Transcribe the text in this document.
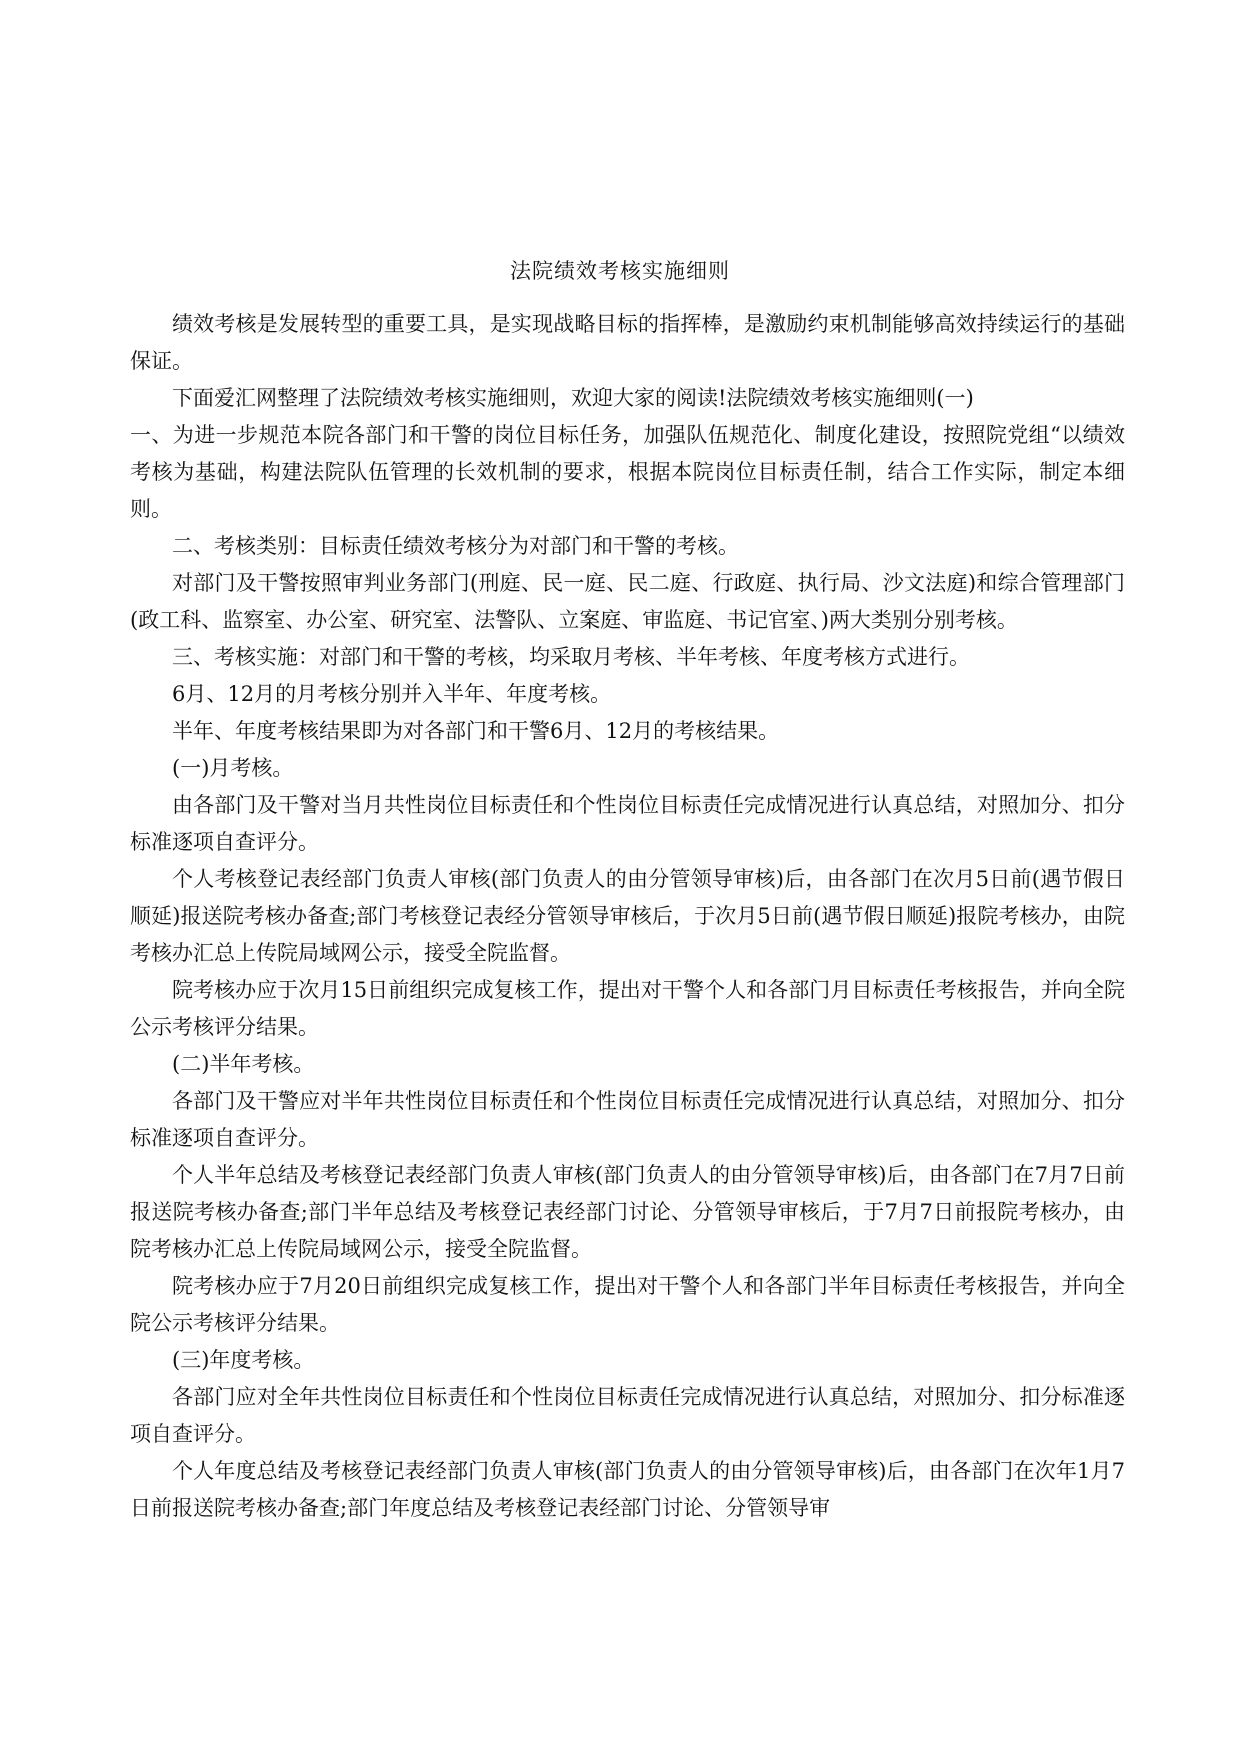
法院绩效考核实施细则

绩效考核是发展转型的重要工具，是实现战略目标的指挥棒，是激励约束机制能够高效持续运行的基础保证。

下面爱汇网整理了法院绩效考核实施细则，欢迎大家的阅读!法院绩效考核实施细则(一)

一、为进一步规范本院各部门和干警的岗位目标任务，加强队伍规范化、制度化建设，按照院党组“以绩效考核为基础，构建法院队伍管理的长效机制的要求，根据本院岗位目标责任制，结合工作实际，制定本细则。

二、考核类别：目标责任绩效考核分为对部门和干警的考核。

对部门及干警按照审判业务部门(刑庭、民一庭、民二庭、行政庭、执行局、沙文法庭)和综合管理部门(政工科、监察室、办公室、研究室、法警队、立案庭、审监庭、书记官室、)两大类别分别考核。

三、考核实施：对部门和干警的考核，均采取月考核、半年考核、年度考核方式进行。

6月、12月的月考核分别并入半年、年度考核。

半年、年度考核结果即为对各部门和干警6月、12月的考核结果。

(一)月考核。

由各部门及干警对当月共性岗位目标责任和个性岗位目标责任完成情况进行认真总结，对照加分、扣分标准逐项自查评分。

个人考核登记表经部门负责人审核(部门负责人的由分管领导审核)后，由各部门在次月5日前(遇节假日顺延)报送院考核办备查;部门考核登记表经分管领导审核后，于次月5日前(遇节假日顺延)报院考核办，由院考核办汇总上传院局域网公示，接受全院监督。

院考核办应于次月15日前组织完成复核工作，提出对干警个人和各部门月目标责任考核报告，并向全院公示考核评分结果。

(二)半年考核。

各部门及干警应对半年共性岗位目标责任和个性岗位目标责任完成情况进行认真总结，对照加分、扣分标准逐项自查评分。

个人半年总结及考核登记表经部门负责人审核(部门负责人的由分管领导审核)后，由各部门在7月7日前报送院考核办备查;部门半年总结及考核登记表经部门讨论、分管领导审核后，于7月7日前报院考核办，由院考核办汇总上传院局域网公示，接受全院监督。

院考核办应于7月20日前组织完成复核工作，提出对干警个人和各部门半年目标责任考核报告，并向全院公示考核评分结果。

(三)年度考核。

各部门应对全年共性岗位目标责任和个性岗位目标责任完成情况进行认真总结，对照加分、扣分标准逐项自查评分。

个人年度总结及考核登记表经部门负责人审核(部门负责人的由分管领导审核)后，由各部门在次年1月7日前报送院考核办备查;部门年度总结及考核登记表经部门讨论、分管领导审
